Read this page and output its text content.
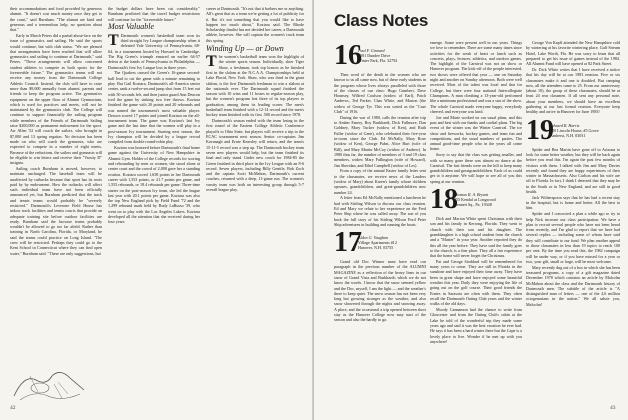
their accommodations and food provided by generous alumni. "It doesn't cost much money once they get to the coast," said Burnham. "The alumni are kind and generous and a tremendous help, no question about that."

Early in March Peters did a partial about-face on the issue of gymnastics and sailing. He said the sports would continue, but with club status. "We are pleased that arrangements have been reached that will allow gymnastics and sailing to continue at Dartmouth," said Peters. "These arrangements will allow concerned student athletes to compete as both sports for the foreseeable future." The gymnastics teams will not receive any money from the Dartmouth College Athletic Council. Instead, the club will have to raise more than $9,000 annually from alumni, parents and friends to keep the program active. The gymnastics equipment on the upper floor of Alumni Gymnasium, which is used for practices and meets, will not be maintained by the gymnastics club. The College will continue to support financially the sailing program while members of the Friends of Dartmouth Sailing raise $200,000 as permanent endowment for the sport. Arr Allen '52 will coach the sailors, who brought in $7,000 and 13 spring regattas. No decision has been made on who will coach the gymnasts, who are expected to compete in a number of eight meets. Because of the reductions, the sailors and gymnasts will be eligible to win letters and receive their "Varsity D" insignia.

Sailing coach Burnham is moved, however, to maintain uncharged. The baseball team will be unaffected by cutbacks because that sport has its roots paid by by endowment. How the cutbacks will affect such individual team have not been officially announced yet, but Burnham predicted that the track and tennis teams would probably be "severely restricted." Dartmouth's Leverone Field House has indoor track facilities and tennis courts that provide an adequate training site before outdoor facilities are ready. Burnham said the lacrosse teams probably wouldn't be allowed to go too far afield. Rather than training in North Carolina, Florida, or Maryland, he said the teams could practice on Long Island. "The crew will be restricted. Perhaps they could go to the Kent School in Connecticut where they can find open water," Burnham said. "These are only suggestions, but

the budget dollars have been cut considerably." Burnham predicted that the travel budget restrictions will continue for the "foreseeable future."

Most Valuable

T Dartmouth women's basketball team won its third straight Ivy League championship when it defeated Yale University of Pennsylvania, 68-64, in a tournament hosted by Harvard in Cambridge. The Big Green's triumph ensured an earlier 64-57 defeat at the hands of Pennsylvania in Philadelphia — Dartmouth's first Ivy League loss in three years.

The Quakers caused the Green's 16-game second-half lead to cut the game with a minute remaining to play. But Gail Koziara, Dartmouth's all-America senior center, sank a twelve-second jump shot from 15 feet out with 50 seconds left, and then junior guard Ann Deacon iced the game by sinking two free throws. Koziara finished the game with 20 points and 20 rebounds and was named the tournament's most valuable player. Deacon scored 17 points and joined Koziara on the all-tournament team. The game was Koziara's last Ivy game and the last time that the women will play in a post-season Ivy tournament. Starting next season, the Ivy champion will be decided by a league record compiled from double round-robin play.

Koziara was honored before Dartmouth's final home game against the University of New Hampshire in Alumni Gym. Holder of the College records for scoring and rebounding by men or women, she stood alone at center court and the crowd of 2,000 gave her a standing ovation. Koziara scored 1,658 points in her Dartmouth career with 1,553 points, or 21.7 points per game, and 1,553 rebounds, or 18.4 rebounds per game. Three-time starter on the post-season Ivy team, she led the league last year with 20.1 points per game. Koziara was also the top New England pick by Field Fund '72 and the 1,299 rebound mark held by Rudy LaRusso '59, who went on to play with the Los Angeles Lakers. Koziara developed all the attention that she received during her four years

career at Dartmouth. "It's not that it bothers me or anything. All's great that as a team we're getting a lot of publicity for it. But it's not something that you would like to have happen too much about," Koziara said. The Rhode Scholarship finalist has not decided her career, a Dartmouth athlete, however. She will captain the women's track team this spring.

Winding Up — or Down

The women's basketball team won the highlight of the winter sports season. Individually, skier Tiger Shaw, a freshman, took top honors as he finished first in the slalom at the N.C.A.A. Championships held at Lake Placid, New York. Shaw, who was third in the giant slalom, is the first Dartmouth freshman to win a slalom at the nationals ever. The Dartmouth squad finished the season with 10 wins and 11 losses in regular-season play, but the women's program lost three of its top players to graduation, among them its leading scorer. The men's basketball team finished with a 12-14 record and the men's hockey team finished with its first .500 record since 1978.

Dartmouth's season ended with the team losing in the first round of the Eastern College Athletic Conference playoffs to Ohio State, but players will receive a trip to the ECAC tournament next season. Senior co-captains Jim Kavanagh and Ernie Kearsley will return, and the team's 15-11-5 record was a step up. The Dartmouth hockey team seven new players would help, but the team finished its final and only stand. Under new coach for 1984-85 the Green finished in third place in the Ivy League with an 8-6 record. Seven players, including Billy Gentile, Bob Zoch and the captain Scott McMahon, Dartmouth's current coaches, returned with a deep, 11-game run. The women's varsity team was both an interesting group through 5-7 overall league play.

42
Class Notes
16
Paul F. Ginnard
2081 Dundee Drive
Winter Park, Fla. 32792

Then word of the death in the women who are known to us all came now, but of these early students in the program whose lives always paralleled with those of the classes of our class: Hugo Gumbert, Dave Hounsey, Wilfred Coulson (widow of Earl), Patch Andrews, Ted Parker, Chas White, and Marion (the widow of George Tyr. This was sorted as the "Case Club" of 1916.

During the war of 1980, calls the reunion after trip to Amber Emery, Roy Burkhardt, Dick Fullmore, Dan Goldney, Mary Tucker (widow of Ken), and Ruth Fuller (widow of Gene), who celebrated their five-year in-room since the Club. Ed McNally, Mary Rose (widow of Ken), George Pabst, Alice Burt (wife of Bill), and Mary Martin McCoy (widow of Andrew). In 1980 thus far, the number of members of 3 and 19 class members, widow Mary Fullington (wife of Howard), Jim Sheridan, and Ethel Campbell (widow of Les).

From a copy of the annual Easter family letter sent to the classmates, we receive news of the Lauders (widow of Mary) about Karen's family whose children spouses, grandchildren, and great-grandchildren now number 24.

A letter from Ed McNally mentioned a luncheon he had with Stirling Wilson to discuss our class reunion. Ed and Mary we relate to her experience on the Fred Peter Ship where he was called away. The son of you back the full story of his Stirling Wilson Ford Peter Ship adventures in building and running the boats.

17
Alden G. Vaughan
Village Apartments #12
Hanover, N.H. 03755

Grand old Doc Winner must have read our paragraph in the previous number of the ALUMNI MAGAZINE as a reflection of the heavy lines in our snow of Grand Vista and Burkhardt; which we do not know the words. I know that the snow seemed yellow and the Doc, myself, I am the light — and the weather's there to keep quiet. The snow season has not been very long but growing stronger as the weather, and also snow showered through the nights and snowing away. A place, and the occasional a trip opened between short stay as the Hanover College now may start of the season and also the hardly to go.

emerge. Some were present well in our years. Things we love to remember. There are some many times since activities for the weak of heart or lunch such as concerts, plays, lectures, athletics, and outdoor games. The highlight of the Carnival was not on show or Hanover program. The kick-off of the people interested, two shows were offered that year — one on Saturday night and another on Sunday afternoon. Both were well received. Most of the talent was local and that for College, but there were four national Intercollegiate Champions. A man climbing a 13-year-old performed like a minimum professional and was a star of the show. The whole Carnival made everyone happy, everybody cheered, and everyone was kind.

Joe and Marie worked on our usual plans, and this past and best with our thanks and cordial plans. The big event of the winter was the Winter Carnival. The ice show and fireworks, hockey games, and team fun and competitions, and the usual numbers of parties. The annual good-time people who in the years all come home.

Sorry to say that the class was getting smaller, and with so many gone there was almost no dance at the Carnival. The fast friends were on the hill to keep many grandchildren and greatgrandchildren. Each of us could get to it anytime. We will hope to see all of you this spring at our reunion.

18
Thomas R. A. Bryant
255 Kendal at Longwood
Kennett Sq., Pa. 19348

Dick and Marion White spent Christmas with their son and his family in Kerrong, Florida. They went to church with their son and his daughter. The granddaughter is a high school student from the church and a "Master" in your year. Another reported they do this all the year before. They have said the family goes to the church, is a fine place. They all a fair experience that the home will never forget the Christmas.

Pat and George Stoddard will be remembered for many years to come. They are still in Florida in the sunshine and have enjoyed their time away. They have been in great shape and have enjoyed some beautiful weather this year. Daily they were enjoying the life of going out on the golf course. Their good friends the Ernies in Sarasota are often with them. They often recall the Dartmouth Outing Club years and the winter walks of the old days.

Moody Cannamon had the chance to write from Gloucester and from the Outing Club's cabin at the Lake he told of the wonderful trip they made some years ago and said it was the best vacation he ever had. He says it has been a hard winter there but the Cape is a lovely place to live. Wonder if he met up with you anywhere!

George Von Kapff attended the New Hampshire cold by wintering at his favorite wintering place, Gulf Stream Hotel, Lake Worth, Fla. He was sorry to learn that all prepared to get his issue of games instead of the 1984. All Alumni Fund will have opened at 82 Park Street.

Dr. Dick White writes that I have received a notice that his day will be at our 1983 reunion. Five or six classmates make it and one is disabled. But camping now, all the attendees came to 25. From our anniversary (about 10), the group of these classmates, should be at least 24 rear classmen. If all sent any personal note, about your members, we should have an excellent gathering at our last formal reunion. Everyone keep healthy and arrive in Hanover for June 1983!

19
Edward R. Harris
200 Lincoln House, #5 Grove
Amherst, N.H. 03031

Spider and Bea Martin have gone off to Arizona to look for some better weather, but they will be back again before you read this. I'm again the past few months of visitors with them. I talked with Jim and Mary Davies recently and found they are happy experiences of their winter in Massachusetts. Also Carlton and his wife are off to Florida. In fact, I think I detected that they may be in the South or in New England, and are still in good health.

Jack Witherspoon says that he has had a recent stay in the hospital, but is home and better. All the best to him.

Spider and I concocted a plan a while ago to try to help Nick increase our class participation. We have a plan to recruit several people who have not been heard from recently, and I'm glad to report that we have had several replies — including some of whom have said they will contribute to our fund. We plan another appeal to those classmates in less than 19 topics to reach 100 per cent. By the time you read this, the 1982 campaign will be under way, or if you have missed for a year or two, your gift, small or large, will be most welcome.

Mary recently dug out of a box in which she has been treasured programs, a copy of a gift magazine dated December 1978 which contains an article by Malcolm McMahon about the class and the Dartmouth history of Dartmouth men. The subtitle of the article is "A distinguished man of letters — one of the 4,6 million octogenarians in the nation." We all salute you, Malcolm!

43
